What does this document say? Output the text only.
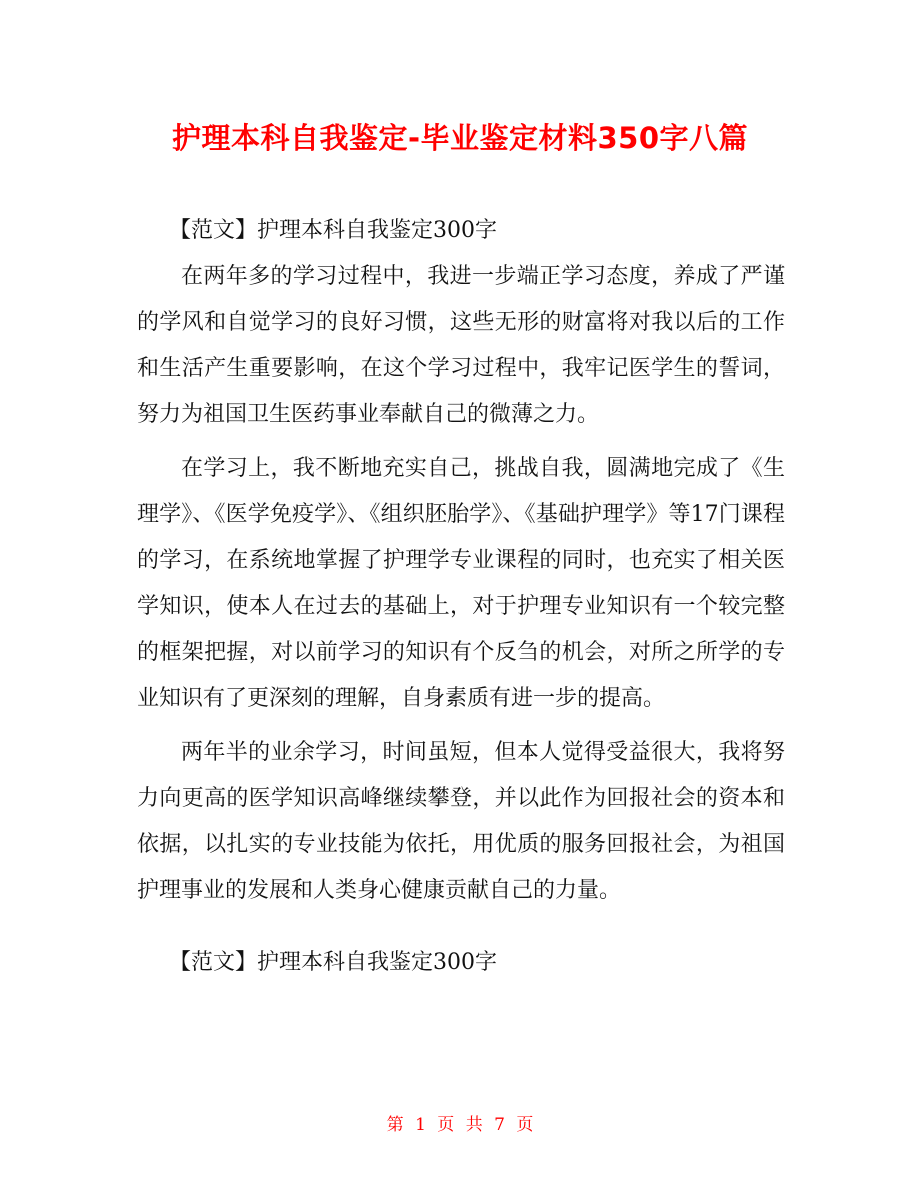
护理本科自我鉴定-毕业鉴定材料350字八篇

【范文】护理本科自我鉴定300字

在两年多的学习过程中，我进一步端正学习态度，养成了严谨的学风和自觉学习的良好习惯，这些无形的财富将对我以后的工作和生活产生重要影响，在这个学习过程中，我牢记医学生的誓词，努力为祖国卫生医药事业奉献自己的微薄之力。

在学习上，我不断地充实自己，挑战自我，圆满地完成了《生理学》、《医学免疫学》、《组织胚胎学》、《基础护理学》等17门课程的学习，在系统地掌握了护理学专业课程的同时，也充实了相关医学知识，使本人在过去的基础上，对于护理专业知识有一个较完整的框架把握，对以前学习的知识有个反刍的机会，对所之所学的专业知识有了更深刻的理解，自身素质有进一步的提高。

两年半的业余学习，时间虽短，但本人觉得受益很大，我将努力向更高的医学知识高峰继续攀登，并以此作为回报社会的资本和依据，以扎实的专业技能为依托，用优质的服务回报社会，为祖国护理事业的发展和人类身心健康贡献自己的力量。

【范文】护理本科自我鉴定300字

第 1 页 共 7 页
